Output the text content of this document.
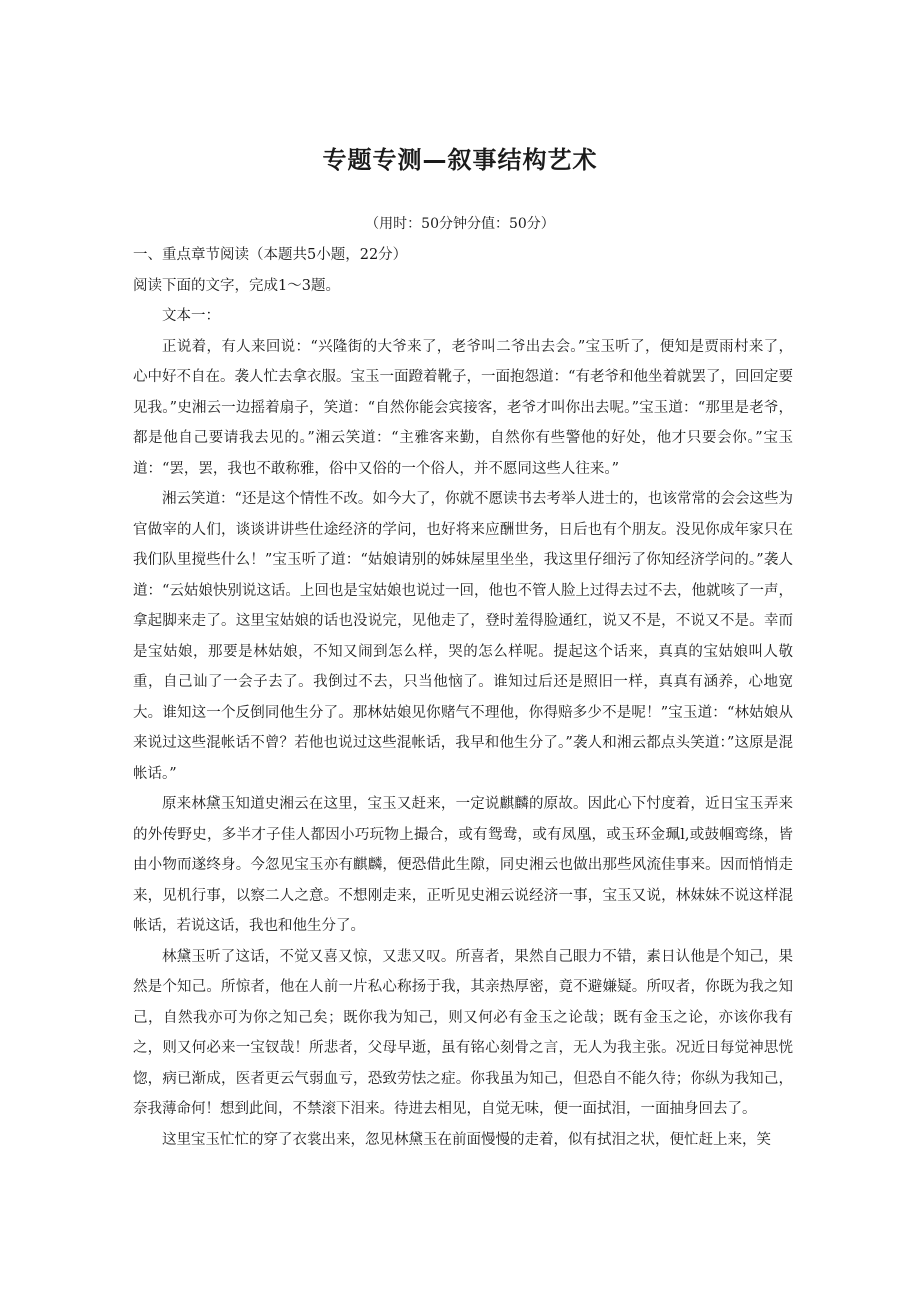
专题专测—叙事结构艺术
（用时：50分钟分值：50分）

一、重点章节阅读（本题共5小题，22分）

阅读下面的文字，完成1～3题。

文本一：

正说着，有人来回说：“兴隆街的大爷来了，老爷叫二爷出去会。”宝玉听了，便知是贾雨村来了，心中好不自在。袭人忙去拿衣服。宝玉一面蹬着靴子，一面抱怨道：“有老爷和他坐着就罢了，回回定要见我。”史湘云一边摇着扇子，笑道：“自然你能会宾接客，老爷才叫你出去呢。”宝玉道：“那里是老爷，都是他自己要请我去见的。”湘云笑道：“主雅客来勤，自然你有些警他的好处，他才只要会你。”宝玉道：“罢，罢，我也不敢称雅，俗中又俗的一个俗人，并不愿同这些人往来。”

湘云笑道：“还是这个情性不改。如今大了，你就不愿读书去考举人进士的，也该常常的会会这些为官做宰的人们，谈谈讲讲些仕途经济的学问，也好将来应酬世务，日后也有个朋友。没见你成年家只在我们队里搅些什么！”宝玉听了道：“姑娘请别的姊妹屋里坐坐，我这里仔细污了你知经济学问的。”袭人道：“云姑娘快别说这话。上回也是宝姑娘也说过一回，他也不管人脸上过得去过不去，他就咳了一声，拿起脚来走了。这里宝姑娘的话也没说完，见他走了，登时羞得脸通红，说又不是，不说又不是。幸而是宝姑娘，那要是林姑娘，不知又闹到怎么样，哭的怎么样呢。提起这个话来，真真的宝姑娘叫人敬重，自己讪了一会子去了。我倒过不去，只当他恼了。谁知过后还是照旧一样，真真有涵养，心地宽大。谁知这一个反倒同他生分了。那林姑娘见你赌气不理他，你得赔多少不是呢！”宝玉道：“林姑娘从来说过这些混帐话不曾？若他也说过这些混帐话，我早和他生分了。”袭人和湘云都点头笑道：”这原是混帐话。”

原来林黛玉知道史湘云在这里，宝玉又赶来，一定说麒麟的原故。因此心下忖度着，近日宝玉弄来的外传野史，多半才子佳人都因小巧玩物上撮合，或有鸳鸯，或有凤凰，或玉环金珮l,或鼓帼鸾绦，皆由小物而遂终身。今忽见宝玉亦有麒麟，便恐借此生隙，同史湘云也做出那些风流佳事来。因而悄悄走来，见机行事，以察二人之意。不想刚走来，正听见史湘云说经济一事，宝玉又说，林妹妹不说这样混帐话，若说这话，我也和他生分了。

林黛玉听了这话，不觉又喜又惊，又悲又叹。所喜者，果然自己眼力不错，素日认他是个知己，果然是个知己。所惊者，他在人前一片私心称扬于我，其亲热厚密，竟不避嫌疑。所叹者，你既为我之知己，自然我亦可为你之知己矣；既你我为知己，则又何必有金玉之论哉；既有金玉之论，亦该你我有之，则又何必来一宝钗哉！所悲者，父母早逝，虽有铭心刻骨之言，无人为我主张。况近日每觉神思恍惚，病已渐成，医者更云气弱血亏，恐致劳怯之症。你我虽为知己，但恐自不能久待；你纵为我知己，奈我薄命何！想到此间，不禁滚下泪来。待进去相见，自觉无味，便一面拭泪，一面抽身回去了。

这里宝玉忙忙的穿了衣裳出来，忽见林黛玉在前面慢慢的走着，似有拭泪之状，便忙赶上来，笑
